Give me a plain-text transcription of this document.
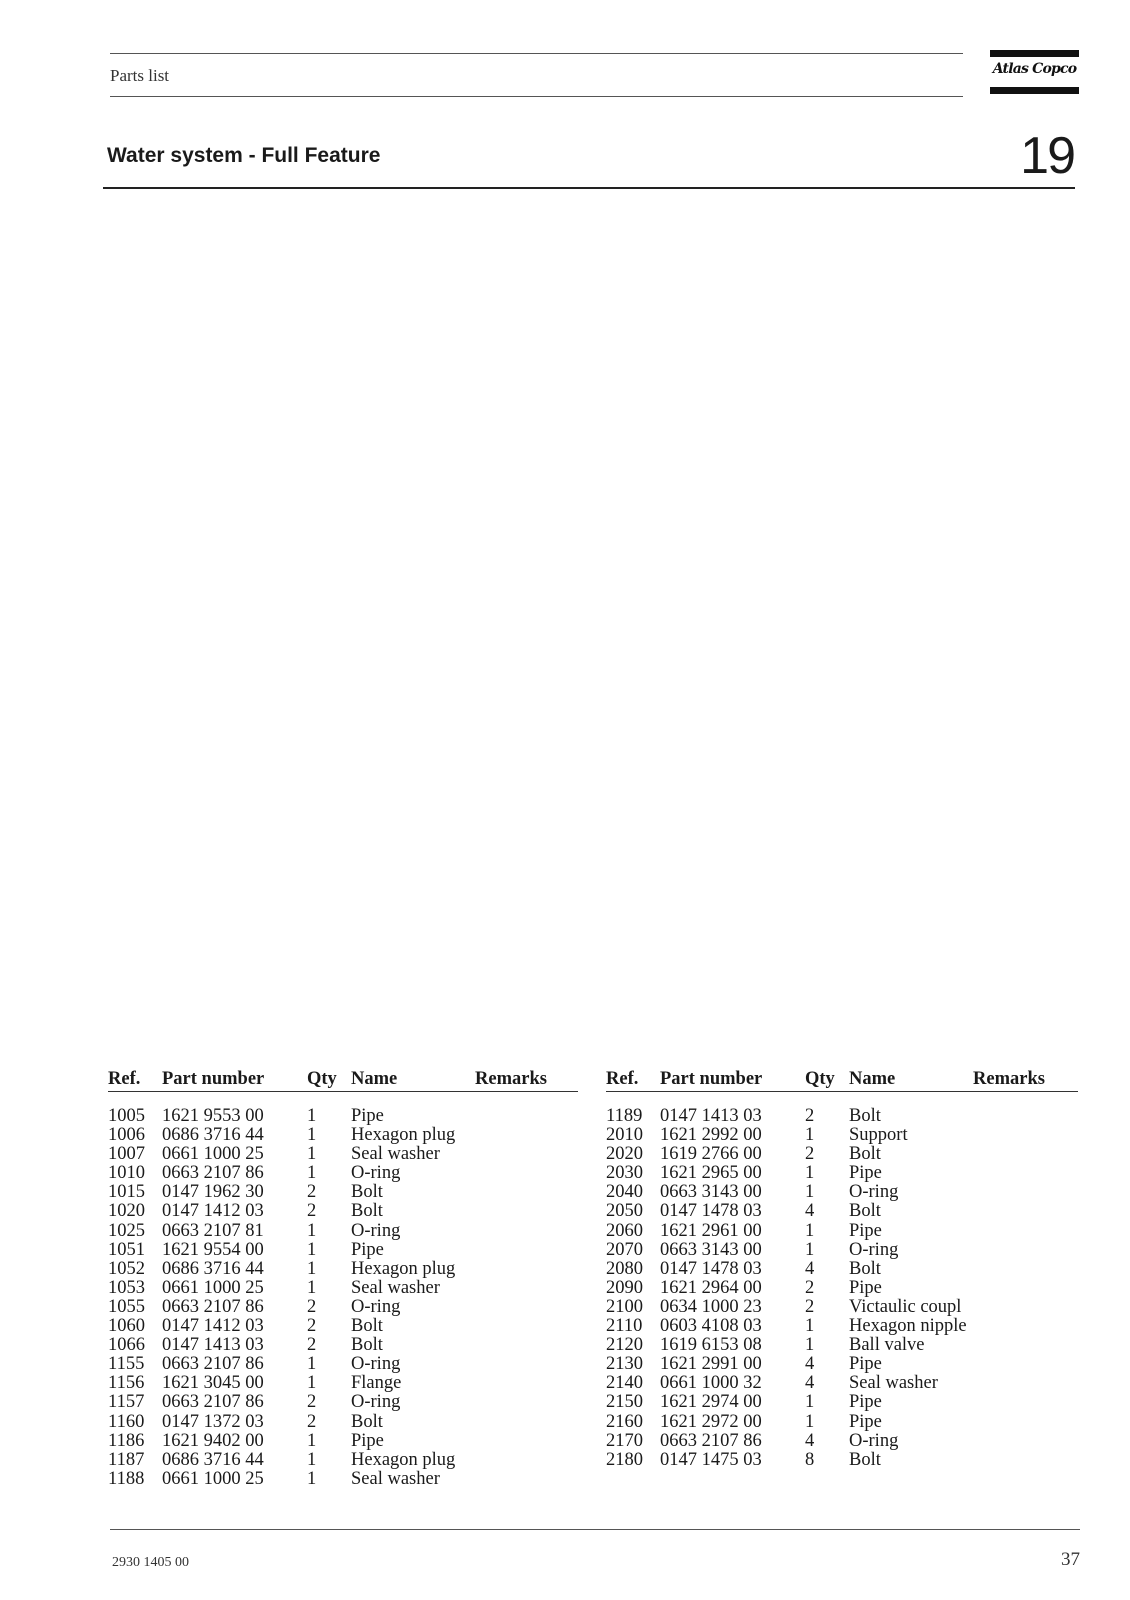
Parts list	Atlas Copco
Water system - Full Feature	19
Ref. Part number Qty Name	Remarks
1005 1621 9553 00 1 Pipe
1006 0686 3716 44 1 Hexagon plug
1007 0661 1000 25 1 Seal washer
1010 0663 2107 86 1 O-ring
1015 0147 1962 30 2 Bolt
1020 0147 1412 03 2 Bolt
1025 0663 2107 81 1 O-ring
1051 1621 9554 00 1 Pipe
1052 0686 3716 44 1 Hexagon plug
1053 0661 1000 25 1 Seal washer
1055 0663 2107 86 2 O-ring
1060 0147 1412 03 2 Bolt
1066 0147 1413 03 2 Bolt
1155 0663 2107 86 1 O-ring
1156 1621 3045 00 1 Flange
1157 0663 2107 86 2 O-ring
1160 0147 1372 03 2 Bolt
1186 1621 9402 00 1 Pipe
1187 0686 3716 44 1 Hexagon plug
1188 0661 1000 25 1 Seal washer
Ref. Part number Qty Name	Remarks
1189 0147 1413 03 2 Bolt
2010 1621 2992 00 1 Support
2020 1619 2766 00 2 Bolt
2030 1621 2965 00 1 Pipe
2040 0663 3143 00 1 O-ring
2050 0147 1478 03 4 Bolt
2060 1621 2961 00 1 Pipe
2070 0663 3143 00 1 O-ring
2080 0147 1478 03 4 Bolt
2090 1621 2964 00 2 Pipe
2100 0634 1000 23 2 Victaulic coupl
2110 0603 4108 03 1 Hexagon nipple
2120 1619 6153 08 1 Ball valve
2130 1621 2991 00 4 Pipe
2140 0661 1000 32 4 Seal washer
2150 1621 2974 00 1 Pipe
2160 1621 2972 00 1 Pipe
2170 0663 2107 86 4 O-ring
2180 0147 1475 03 8 Bolt
2930 1405 00	37
